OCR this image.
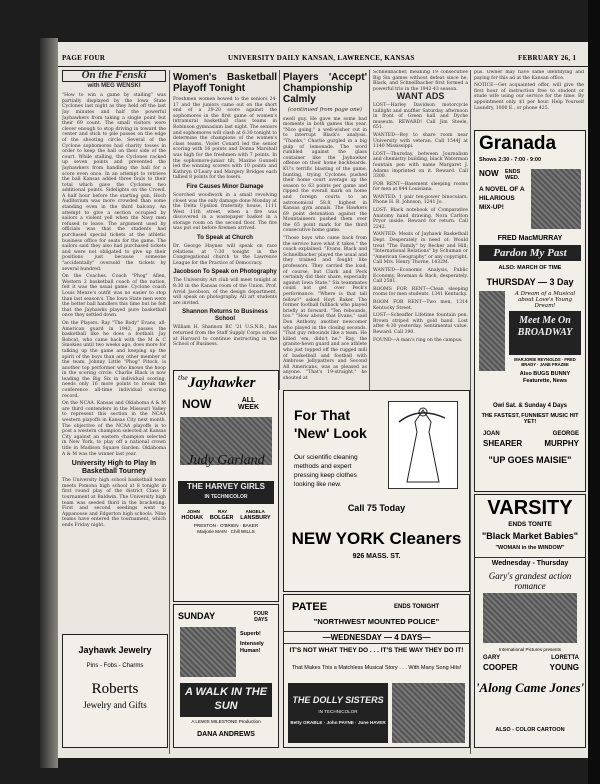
PAGE FOUR	UNIVERSITY DAILY KANSAN, LAWRENCE, KANSAS	FEBRUARY 26, 1
On the Fenski
with MEG WENSKI

"How to win a game by stalling" was partially displayed by the Iowa State Cyclones last night as they held off the last Jay minutes and half the powerful Jayhawkers from taking a single point but their 69 count. The small visitors were clever enough to stop driving in toward the center and stick to pile passes on the edge of the shooting circle. Several of the Cyclone sophomores had charity tosses in order to keep the ball on their side of the court. While stalling, the Cyclones racked up seven points and prevented the Jayhawkers from handling the ball for a score even once. In an attempt to retrieve the ball Kansas added three fouls to their total which gave the Cyclones two additional points. Sidelights on the Crowd. A half hour before the starting gun, Hoch Auditorium was more crowded than some standing even in the third balcony. An attempt to give a section occupied by sailors a violent yell when the Navy men refused to leave. The argument used by officials was that the students had purchased special tickets at the athletic business office for seats for the game. The sailors said they also had purchased tickets and were not obligated to give up their positions just because someone "accidentally" oversold the tickets by several hundred.

On the Coaches. Coach "Phog" Allen, Western 2 basketball coach of the nation, felt it was the usual game. Cyclone coach Louis Menze's outfit was no easier to stop than last season's. The Iowa State men were the better ball handlers this time but he felt that the Jayhawks played pure basketball once they settled down.

On the Players. Ray "The Body" Evans, all-American guard in 1942, passes the basketball like he does a football. Jay Bobcat, who came back with the M & C Smokies until two weeks ago, does more for talking up the game and keeping up the spirit of the boys than any other member of the team. Johnny Little "Phog" Pitock, is another top performer who knows the hoop in the scoring circle. Charlie Black is now leading the Big Six in individual scoring, needs only 16 more points to break the conference all-time individual scoring record.

On the NCAA. Kansas and Oklahoma A & M are third contenders in the Missouri Valley to represent this section in the NCAA western playoffs in Kansas City next month. The objective of the NCAA playoffs is to post a western champion selected at Kansas City against an eastern champion selected in New York, to play off a national crown title in Madison Square Garden. Oklahoma A & M was the winner last year.

University High to Play In Basketball Tourney

The University high school basketball team meets Pomona high school at 8 tonight in first round play of the district Class B tournament at Baldwin. The University high team was seeded third in the bracketing. First and second seedings went to Appanoose and Edgerton high schools. Nine teams have entered the tournament, which ends Friday night.

Jayhawk Jewelry
Pins - Fobs - Charms
Roberts
Jewelry and Gifts
Women's Basketball Playoff Tonight

Freshmen women bowed to the seniors 24-17 and the juniors came out on the short end of a 29-20 score against the sophomores in the first game of women's intramural basketball class teams in Robinson gymnasium last night. The seniors and sophomores will clash at 6:30 tonight to determine the champions of the women's class teams. Violet Conard led the senior scoring with 16 points and Donna Marshall was high for the freshmen with 7 points. In the sophomore-junior tilt, Maxine Gunnell led the winning scorers with 10 points and Kathryn O'Leary and Margery Bridges each tallied 8 points for the losers.

Fire Causes Minor Damage

Scorched woodwork in a small revolving closet was the only damage done Monday at the Delta Upsilon fraternity house, 1111 West 11th street, when a fire was discovered in a wastepaper basket in a storage room on the second floor. The fire was put out before firemen arrived.

To Speak at Church

Dr. George Haynes will speak on race relations at 7:30 tonight in the Congregational church to the Lawrence League for the Practice of Democracy.

Jacobson To Speak on Photography

The University Art club will meet tonight at 8:30 in the Kansas room of the Union. Prof. Arvid Jacobson, of the design department, will speak on photography. All art students are invited.

Shannon Returns to Business School

William H. Shannon BC '21 U.S.N.R., has returned from the Staff Supply Corps school at Harvard to continue instructing in the School of Business.

the Jayhawker
NOW	ALL
WEEK
Judy Garland
THE HARVEY GIRLS
IN TECHNICOLOR
JOHN	RAY	ANGELA
HODIAK BOLGER LANSBURY
PRESTON · O'BRIEN · BAKER
Marjorie MAIN · Chill WILLS
SUNDAY	FOUR DAYS
Superb!
Intensely Human!
A WALK IN THE SUN
A LEWIS MILESTONE Production
DANA ANDREWS
Players 'Accept' Championship Calmly
(continued from page one)

swell guy. He gave me some bad moments in both games this year. "Nice going," a well-wisher cut in to interrupt Black's analysis. "Thanks," Charlie gurgled in a big gulp of lemonade. The word rumbled against the glass container like the Jayhawker offense on their home backboards. KU's terrific blasting of the game, hunting, trying Cyclones pushed their home court average up the season to 63 points per game and ripped the overall mark on home and foreign courts to an astronomical 58.8, highest in Kansas gym annals. The Hawkers 69 point detonation against the Mountaineers pushed them over the 65 point mark for the third consecutive home game.

"Those boys who came back from the service have what it takes," the coach explained. "Evans, Black and Schnellbacher played the usual and they trained and fought like professors. They carried the load, of course, but Clark and Peck certainly did their share, especially against Iowa State." Six teammates could not get over Peck's performance. "Where is that tall fellow?" asked Hoyt Baker. The former football fullback who played briefly at forward. "Ten rebounds, too." "How about that Evans," said Don Anthony, another newcomer who played in the closing seconds. "That guy rebounds like a team. He killed 'em, didn't he." Ray, the granite-hewn guard and ace athlete who just topped off the rugged mill of basketball and football with Ambrose Jellypatters and Second All Americans, was as pleased as anyone. "That's 19-straight," he shouted at

Schnellbacher, meaning 19 consecutive Big Six games without defeat since he, Black, and Schnellbacher first formed a powerful trio in the 1942-43 season.

WANT ADS

LOST—Harley Davidson motorcycle taillight and muffler Saturday afternoon in front of Green hall and Dyche museum. REWARD! Call Jim Steele, 651.

WANTED—Boy to share room near University with veteran. Call 1544J at 1140 Mississippi.

LOST—Thursday, between Journalism and chemistry building, black Waterman fountain pen with name Margaret J. Adams imprinted on it. Reward. Call 3300.

FOR RENT—Basement sleeping rooms for men at 844 Louisiana.

WANTED: 1 pair ten-power binoculars. Phone H. B. Johnson, 1241 Jo.

LOST: Black notebook of Comparative Anatomy hand drawing. Nora Carlton Pryor inside. Reward for return. Call 2242.

WANTED: Meats of Jayhawk Basketball Dept. Desperately in need of: Would treat "The Family" by Becker and Hill; "International Relations" by Schuman or "American Geography" or any copyright. Call Mrs. Henry Thorne, 1432M.

WANTED—Economic Analysis, Public Economy, Bowman & Bach, desperately. Call 2581.

ROOMS FOR RENT—Clean sleeping rooms for men students. 1341 Kentucky.

ROOM FOR RENT—Two men, 1314 Kentucky Street.

LOST—Scheaffer Lifetime fountain pen. Brown striped with gold band. Lost after 4:30 yesterday. Sentimental value. Reward. Call 390.

FOUND—A man's ring on the campus.

For That
'New' Look
Our scientific cleaning methods and expert pressing keep clothes looking like new.
Call 75 Today
NEW YORK Cleaners
926 MASS. ST.
PATEE	ENDS TONIGHT
"NORTHWEST MOUNTED POLICE"
—WEDNESDAY — 4 DAYS—
IT'S NOT WHAT THEY DO . . . IT'S THE WAY THEY DO IT!
That Makes This a Matchless Musical Story . . . With Many Song Hits!
THE DOLLY SISTERS
IN TECHNICOLOR
Betty GRABLE · John PAYNE · June HAVER

pus. Owner may have same identifying and paying for this ad at the Kansan office.

NOTICE—Get acquainted offer, will give the first hour of instruction free to student or stude wife using our service for the time. By appointment only. $1 per hour. Help Yourself Laundry, 1000 E., or phone 425.

Granada
Shows 2:30 - 7:00 - 9:00
NOW ENDS
WED.
A NOVEL OF A HILARIOUS MIX-UP!
FRED MacMURRAY
Pardon My Past
ALSO: MARCH OF TIME
THURSDAY — 3 Day
A Dream of a Musical about Love's Young Dream!
Meet Me On BROADWAY
MARJORIE REYNOLDS · FRED BRADY · JANE FRAZEE
Also BUGS BUNNY Featurette, News
Owl Sat. & Sunday 4 Days
THE FASTEST, FUNNIEST MUSIC HIT YET!
JOAN	GEORGE
SHEARER	MURPHY
"UP GOES MAISIE"
VARSITY
ENDS TONITE
"Black Market Babies"
"WOMAN in the WINDOW"
Wednesday - Thursday
Gary's grandest action romance
International Pictures presents
GARY	LORETTA
COOPER	YOUNG
'Along Came Jones'
ALSO - COLOR CARTOON
